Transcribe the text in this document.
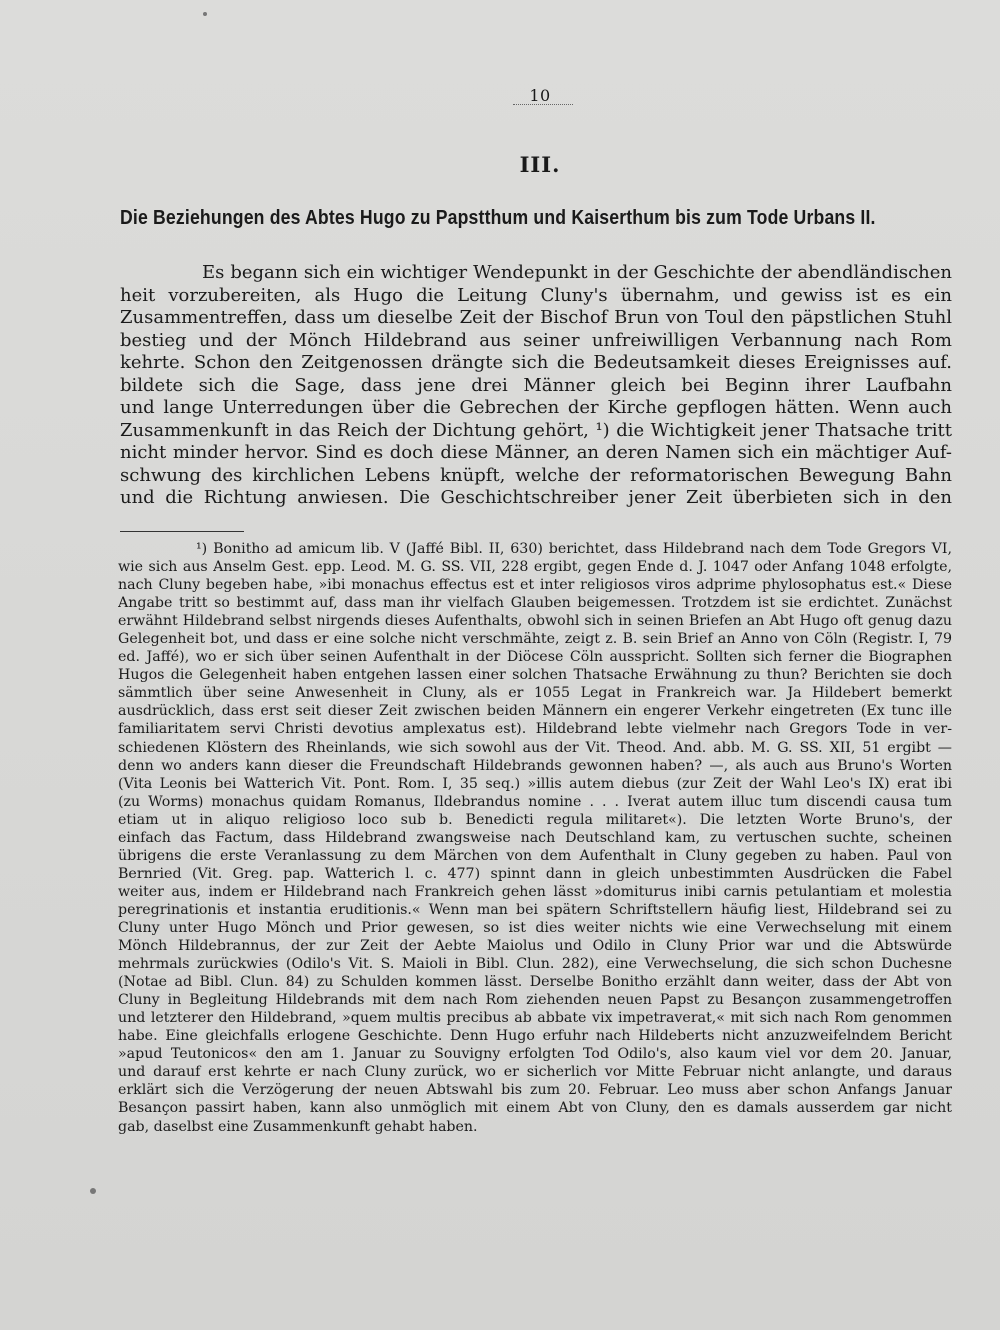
10
III.
Die Beziehungen des Abtes Hugo zu Papstthum und Kaiserthum bis zum Tode Urbans II.
Es begann sich ein wichtiger Wendepunkt in der Geschichte der abendländischen
heit vorzubereiten, als Hugo die Leitung Cluny's übernahm, und gewiss ist es ein
Zusammentreffen, dass um dieselbe Zeit der Bischof Brun von Toul den päpstlichen Stuhl
bestieg und der Mönch Hildebrand aus seiner unfreiwilligen Verbannung nach Rom
kehrte. Schon den Zeitgenossen drängte sich die Bedeutsamkeit dieses Ereignisses auf.
bildete sich die Sage, dass jene drei Männer gleich bei Beginn ihrer Laufbahn
und lange Unterredungen über die Gebrechen der Kirche gepflogen hätten. Wenn auch
Zusammenkunft in das Reich der Dichtung gehört, ¹) die Wichtigkeit jener Thatsache tritt
nicht minder hervor. Sind es doch diese Männer, an deren Namen sich ein mächtiger Auf-
schwung des kirchlichen Lebens knüpft, welche der reformatorischen Bewegung Bahn
und die Richtung anwiesen. Die Geschichtschreiber jener Zeit überbieten sich in den
¹) Bonitho ad amicum lib. V (Jaffé Bibl. II, 630) berichtet, dass Hildebrand nach dem Tode Gregors VI,
wie sich aus Anselm Gest. epp. Leod. M. G. SS. VII, 228 ergibt, gegen Ende d. J. 1047 oder Anfang 1048 erfolgte,
nach Cluny begeben habe, »ibi monachus effectus est et inter religiosos viros adprime phylosophatus est.« Diese
Angabe tritt so bestimmt auf, dass man ihr vielfach Glauben beigemessen. Trotzdem ist sie erdichtet. Zunächst
erwähnt Hildebrand selbst nirgends dieses Aufenthalts, obwohl sich in seinen Briefen an Abt Hugo oft genug dazu
Gelegenheit bot, und dass er eine solche nicht verschmähte, zeigt z. B. sein Brief an Anno von Cöln (Registr. I, 79
ed. Jaffé), wo er sich über seinen Aufenthalt in der Diöcese Cöln ausspricht. Sollten sich ferner die Biographen
Hugos die Gelegenheit haben entgehen lassen einer solchen Thatsache Erwähnung zu thun? Berichten sie doch
sämmtlich über seine Anwesenheit in Cluny, als er 1055 Legat in Frankreich war. Ja Hildebert bemerkt
ausdrücklich, dass erst seit dieser Zeit zwischen beiden Männern ein engerer Verkehr eingetreten (Ex tunc ille
familiaritatem servi Christi devotius amplexatus est). Hildebrand lebte vielmehr nach Gregors Tode in ver-
schiedenen Klöstern des Rheinlands, wie sich sowohl aus der Vit. Theod. And. abb. M. G. SS. XII, 51 ergibt —
denn wo anders kann dieser die Freundschaft Hildebrands gewonnen haben? —, als auch aus Bruno's Worten
(Vita Leonis bei Watterich Vit. Pont. Rom. I, 35 seq.) »illis autem diebus (zur Zeit der Wahl Leo's IX) erat ibi
(zu Worms) monachus quidam Romanus, Ildebrandus nomine . . . Iverat autem illuc tum discendi causa tum
etiam ut in aliquo religioso loco sub b. Benedicti regula militaret«). Die letzten Worte Bruno's, der
einfach das Factum, dass Hildebrand zwangsweise nach Deutschland kam, zu vertuschen suchte, scheinen
übrigens die erste Veranlassung zu dem Märchen von dem Aufenthalt in Cluny gegeben zu haben. Paul von
Bernried (Vit. Greg. pap. Watterich l. c. 477) spinnt dann in gleich unbestimmten Ausdrücken die Fabel
weiter aus, indem er Hildebrand nach Frankreich gehen lässt »domiturus inibi carnis petulantiam et molestia
peregrinationis et instantia eruditionis.« Wenn man bei spätern Schriftstellern häufig liest, Hildebrand sei zu
Cluny unter Hugo Mönch und Prior gewesen, so ist dies weiter nichts wie eine Verwechselung mit einem
Mönch Hildebrannus, der zur Zeit der Aebte Maiolus und Odilo in Cluny Prior war und die Abtswürde
mehrmals zurückwies (Odilo's Vit. S. Maioli in Bibl. Clun. 282), eine Verwechselung, die sich schon Duchesne
(Notae ad Bibl. Clun. 84) zu Schulden kommen lässt. Derselbe Bonitho erzählt dann weiter, dass der Abt von
Cluny in Begleitung Hildebrands mit dem nach Rom ziehenden neuen Papst zu Besançon zusammengetroffen
und letzterer den Hildebrand, »quem multis precibus ab abbate vix impetraverat,« mit sich nach Rom genommen
habe. Eine gleichfalls erlogene Geschichte. Denn Hugo erfuhr nach Hildeberts nicht anzuzweifelndem Bericht
»apud Teutonicos« den am 1. Januar zu Souvigny erfolgten Tod Odilo's, also kaum viel vor dem 20. Januar,
und darauf erst kehrte er nach Cluny zurück, wo er sicherlich vor Mitte Februar nicht anlangte, und daraus
erklärt sich die Verzögerung der neuen Abtswahl bis zum 20. Februar. Leo muss aber schon Anfangs Januar
Besançon passirt haben, kann also unmöglich mit einem Abt von Cluny, den es damals ausserdem gar nicht
gab, daselbst eine Zusammenkunft gehabt haben.
